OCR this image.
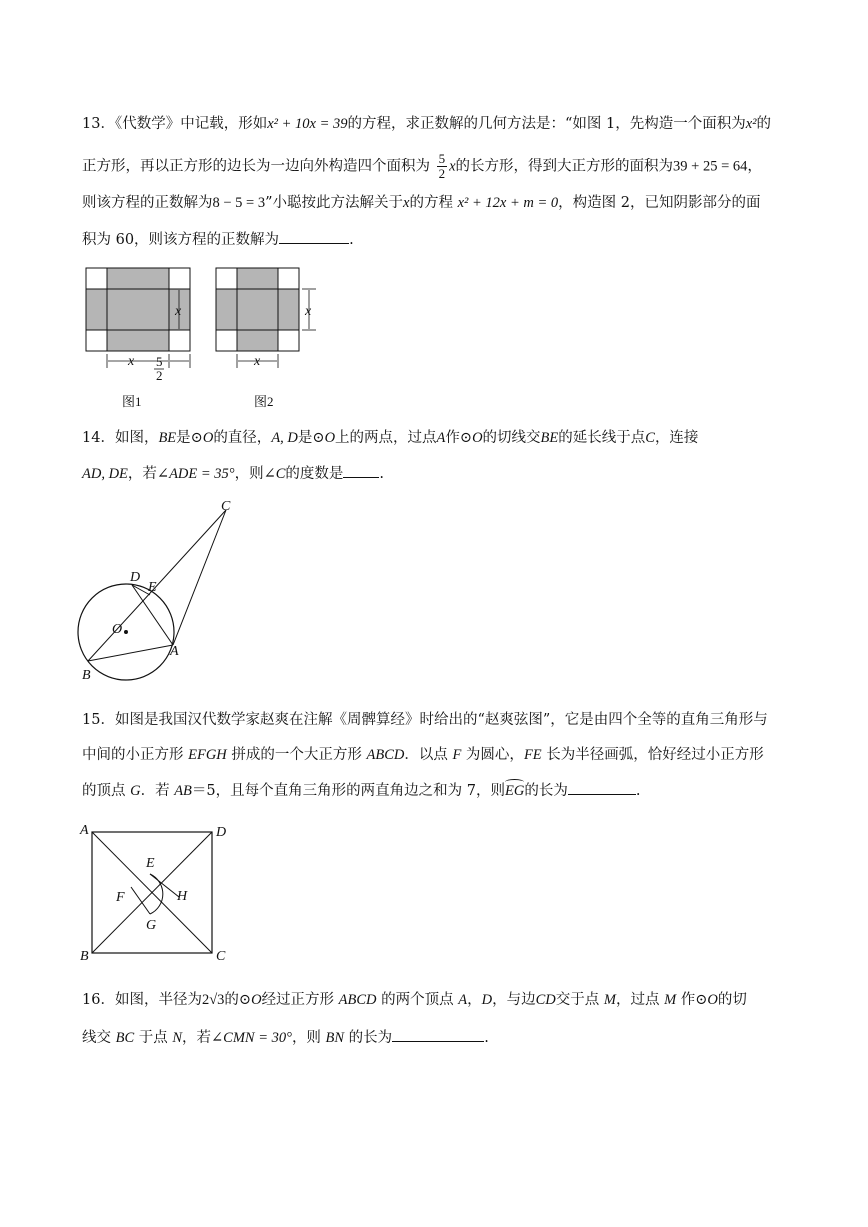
13．《代数学》中记载，形如x² + 10x = 39的方程，求正数解的几何方法是：“如图 1，先构造一个面积为x²的
正方形，再以正方形的边长为一边向外构造四个面积为 $\frac{5}{2}$ x的长方形，得到大正方形的面积为39 + 25 = 64，
则该方程的正数解为8 − 5 = 3”小聪按此方法解关于x的方程 x² + 12x + m = 0，构造图 2，已知阴影部分的面
积为 60，则该方程的正数解为	.
x
x 5
2
图1
x
x
图2
14．如图，BE是⊙O的直径，A, D是⊙O上的两点，过点A作⊙O的切线交BE的延长线于点C，连接
AD, DE，若∠ADE = 35°，则∠C的度数是 .
C
D
E
O
A
B
15．如图是我国汉代数学家赵爽在注解《周髀算经》时给出的“赵爽弦图”，它是由四个全等的直角三角形与
中间的小正方形 EFGH 拼成的一个大正方形 ABCD．以点 F 为圆心，FE 长为半径画弧，恰好经过小正方形
的顶点 G．若 AB＝5，且每个直角三角形的两直角边之和为 7，则EG的长为	.
A	D
E
F	H
G
B	C
16．如图，半径为2√3的⊙O经过正方形 ABCD 的两个顶点 A，D，与边CD交于点 M，过点 M 作⊙O的切
线交 BC 于点 N，若∠CMN = 30°，则 BN 的长为	.
